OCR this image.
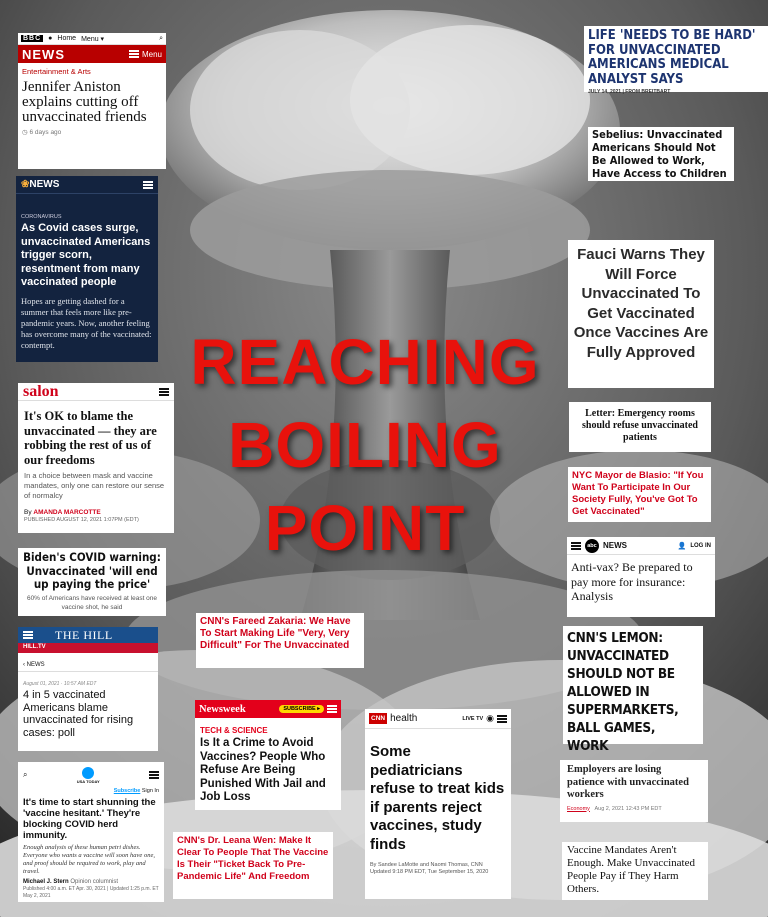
REACHING
BOILING
POINT
BBC ● Home Menu ▾	⌕
NEWS	Menu
Entertainment & Arts
Jennifer Aniston explains cutting off unvaccinated friends
◷ 6 days ago
❀NEWS
CORONAVIRUS
As Covid cases surge, unvaccinated Americans trigger scorn, resentment from many vaccinated people
Hopes are getting dashed for a summer that feels more like pre-pandemic years. Now, another feeling has overcome many of the vaccinated: contempt.
salon
It's OK to blame the unvaccinated — they are robbing the rest of us of our freedoms
In a choice between mask and vaccine mandates, only one can restore our sense of normalcy
By AMANDA MARCOTTE
PUBLISHED AUGUST 12, 2021 1:07PM (EDT)
Biden's COVID warning: Unvaccinated 'will end up paying the price'
60% of Americans have received at least one vaccine shot, he said
THE HILL
HILL.TV
‹ NEWS
August 01, 2021 · 10:57 AM EDT
4 in 5 vaccinated Americans blame unvaccinated for rising cases: poll
⌕
USA TODAY
Subscribe Sign In
It's time to start shunning the 'vaccine hesitant.' They're blocking COVID herd immunity.
Enough analysis of these human petri dishes. Everyone who wants a vaccine will soon have one, and proof should be required to work, play and travel.
Michael J. Stern Opinion columnist
Published 4:00 a.m. ET Apr. 30, 2021 | Updated 1:25 p.m. ET May 2, 2021
LIFE 'NEEDS TO BE HARD' FOR UNVACCINATED AMERICANS MEDICAL ANALYST SAYS
JULY 14, 2021 | FROM BREITBART
Sebelius: Unvaccinated Americans Should Not Be Allowed to Work, Have Access to Children
Fauci Warns They Will Force Unvaccinated To Get Vaccinated Once Vaccines Are Fully Approved
Letter: Emergency rooms should refuse unvaccinated patients
NYC Mayor de Blasio: "If You Want To Participate In Our Society Fully, You've Got To Get Vaccinated"
abc NEWS	👤 LOG IN
Anti-vax? Be prepared to pay more for insurance: Analysis
CNN'S LEMON: UNVACCINATED SHOULD NOT BE ALLOWED IN SUPERMARKETS, BALL GAMES, WORK
Employers are losing patience with unvaccinated workers
Economy Aug 2, 2021 12:43 PM EDT
Vaccine Mandates Aren't Enough. Make Unvaccinated People Pay if They Harm Others.
CNN's Fareed Zakaria: We Have To Start Making Life "Very, Very Difficult" For The Unvaccinated
Newsweek	SUBSCRIBE ▸
TECH & SCIENCE
Is It a Crime to Avoid Vaccines? People Who Refuse Are Being Punished With Jail and Job Loss
CNN's Dr. Leana Wen: Make It Clear To People That The Vaccine Is Their "Ticket Back To Pre-Pandemic Life" And Freedom
CNN health	LIVE TV ◉
Some pediatricians refuse to treat kids if parents reject vaccines, study finds
By Sandee LaMotte and Naomi Thomas, CNN
Updated 9:18 PM EDT, Tue September 15, 2020
